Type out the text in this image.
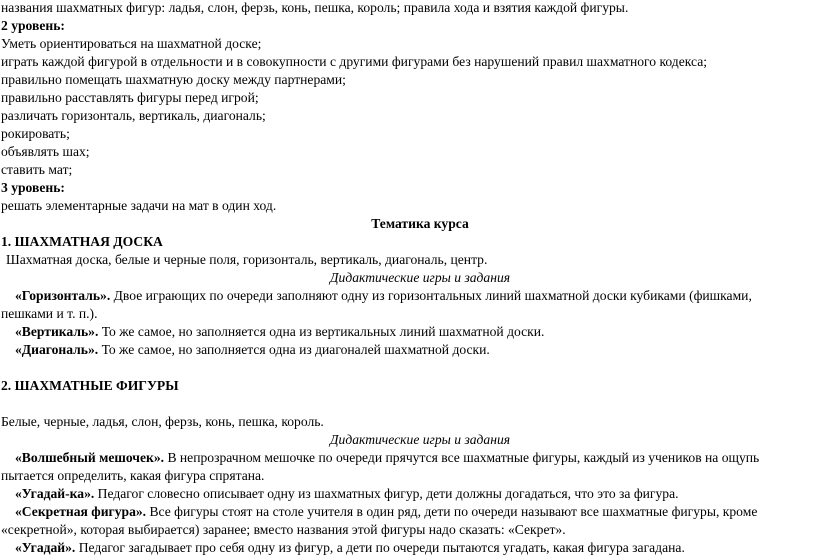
названия шахматных фигур: ладья, слон, ферзь, конь, пешка, король; правила хода и взятия каждой фигуры.
2 уровень:
Уметь ориентироваться на шахматной доске;
играть каждой фигурой в отдельности и в совокупности с другими фигурами без нарушений правил шахматного кодекса;
правильно помещать шахматную доску между партнерами;
правильно расставлять фигуры перед игрой;
различать горизонталь, вертикаль, диагональ;
рокировать;
объявлять шах;
ставить мат;
3 уровень:
решать элементарные задачи на мат в один ход.
Тематика курса
1. ШАХМАТНАЯ ДОСКА
Шахматная доска, белые и черные поля, горизонталь, вертикаль, диагональ, центр.
Дидактические игры и задания
«Горизонталь». Двое играющих по очереди заполняют одну из горизонтальных линий шахматной доски кубиками (фишками,
пешками и т. п.).
«Вертикаль». То же самое, но заполняется одна из вертикальных линий шахматной доски.
«Диагональ». То же самое, но заполняется одна из диагоналей шахматной доски.
2. ШАХМАТНЫЕ ФИГУРЫ
Белые, черные, ладья, слон, ферзь, конь, пешка, король.
Дидактические игры и задания
«Волшебный мешочек». В непрозрачном мешочке по очереди прячутся все шахматные фигуры, каждый из учеников на ощупь
пытается определить, какая фигура спрятана.
«Угадай-ка». Педагог словесно описывает одну из шахматных фигур, дети должны догадаться, что это за фигура.
«Секретная фигура». Все фигуры стоят на столе учителя в один ряд, дети по очереди называют все шахматные фигуры, кроме
«секретной», которая выбирается) заранее; вместо названия этой фигуры надо сказать: «Секрет».
«Угадай». Педагог загадывает про себя одну из фигур, а дети по очереди пытаются угадать, какая фигура загадана.
